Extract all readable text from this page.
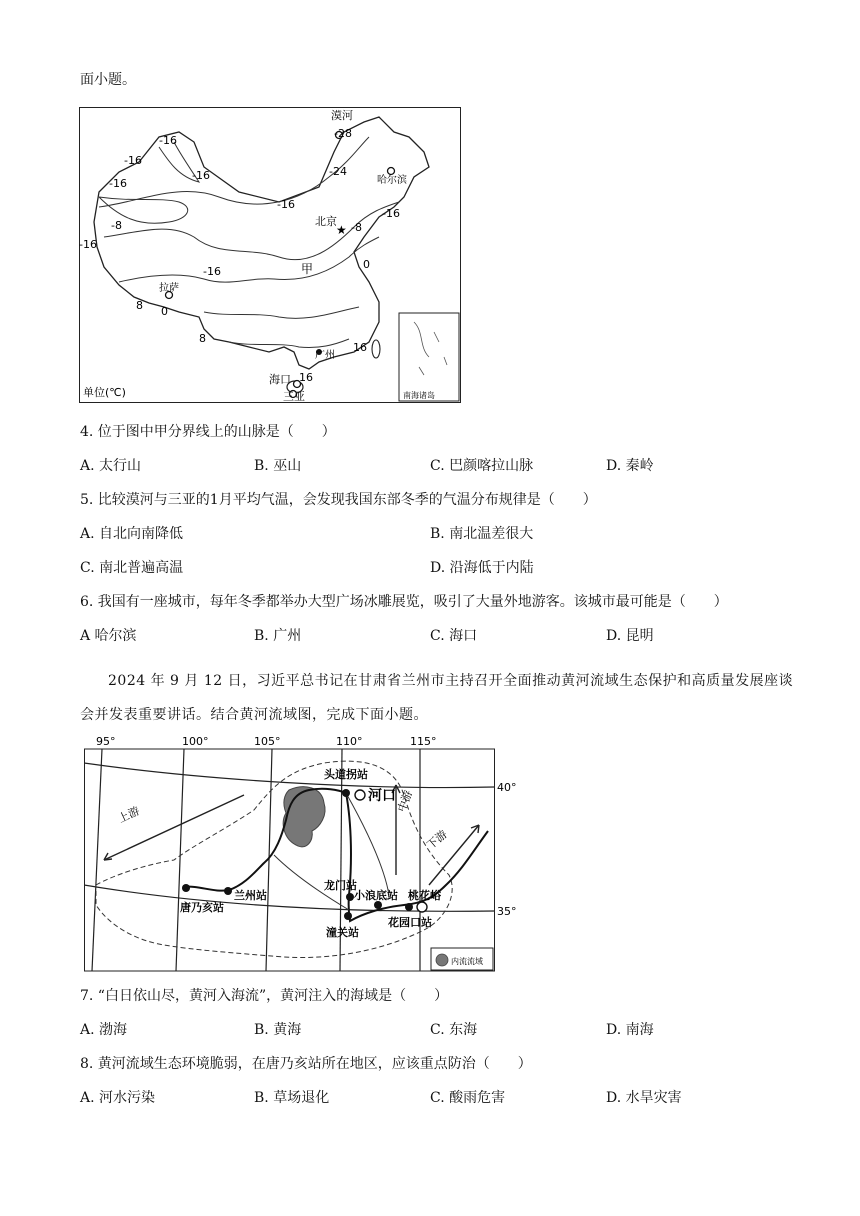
面小题。
★
漠河
哈尔滨
北京
拉萨
广州
海口
三亚
甲
-28
-24
-16
-16
-16
-16
-16
-16
-16
-16
-8	-8
0
0
8
8
16
16
单位(℃)	南海诸岛
4. 位于图中甲分界线上的山脉是（　　）
A. 太行山	B. 巫山	C. 巴颜喀拉山脉	D. 秦岭
5. 比较漠河与三亚的1月平均气温，会发现我国东部冬季的气温分布规律是（　　）
A. 自北向南降低	B. 南北温差很大
C. 南北普遍高温	D. 沿海低于内陆
6. 我国有一座城市，每年冬季都举办大型广场冰雕展览，吸引了大量外地游客。该城市最可能是（　　）
A 哈尔滨	B. 广州	C. 海口	D. 昆明
2024 年 9 月 12 日，习近平总书记在甘肃省兰州市主持召开全面推动黄河流域生态保护和高质量发展座谈会并发表重要讲话。结合黄河流域图，完成下面小题。
95°	100°	105°	110°	115°
40°
35°
头道拐站
河口
龙门站
小浪底站 桃花峪
兰州站
唐乃亥站
潼关站
花园口站
上游
中游
下游
内流流域
7. “白日依山尽，黄河入海流”，黄河注入的海域是（　　）
A. 渤海	B. 黄海	C. 东海	D. 南海
8. 黄河流域生态环境脆弱，在唐乃亥站所在地区，应该重点防治（　　）
A. 河水污染	B. 草场退化	C. 酸雨危害	D. 水旱灾害
